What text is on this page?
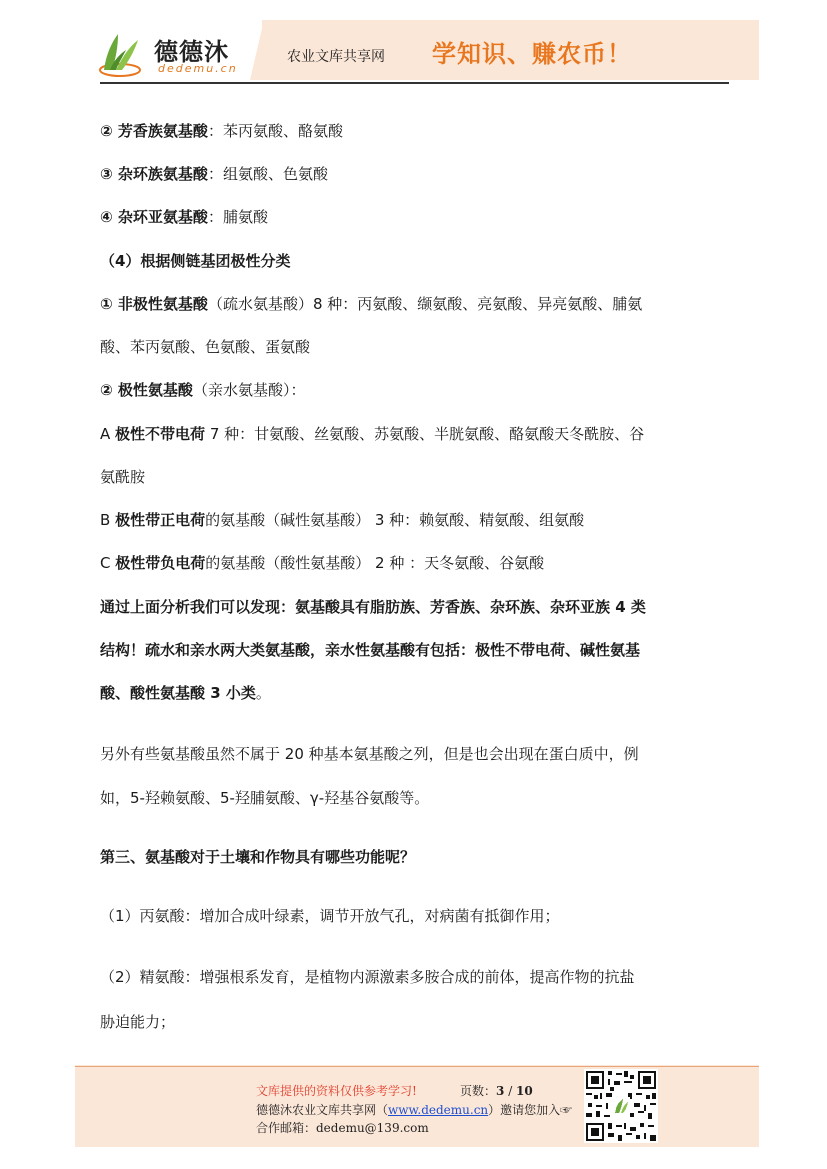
德德沐
dedemu.cn
农业文库共享网 学知识、赚农币！
② 芳香族氨基酸：苯丙氨酸、酪氨酸
③ 杂环族氨基酸：组氨酸、色氨酸
④ 杂环亚氨基酸：脯氨酸
（4）根据侧链基团极性分类
① 非极性氨基酸（疏水氨基酸）8 种：丙氨酸、缬氨酸、亮氨酸、异亮氨酸、脯氨
酸、苯丙氨酸、色氨酸、蛋氨酸
② 极性氨基酸（亲水氨基酸）：
A 极性不带电荷 7 种：甘氨酸、丝氨酸、苏氨酸、半胱氨酸、酪氨酸天冬酰胺、谷
氨酰胺
B 极性带正电荷的氨基酸（碱性氨基酸） 3 种：赖氨酸、精氨酸、组氨酸
C 极性带负电荷的氨基酸（酸性氨基酸） 2 种 ：天冬氨酸、谷氨酸
通过上面分析我们可以发现：氨基酸具有脂肪族、芳香族、杂环族、杂环亚族 4 类
结构！疏水和亲水两大类氨基酸，亲水性氨基酸有包括：极性不带电荷、碱性氨基
酸、酸性氨基酸 3 小类。
另外有些氨基酸虽然不属于 20 种基本氨基酸之列，但是也会出现在蛋白质中，例
如，5-羟赖氨酸、5-羟脯氨酸、γ-羟基谷氨酸等。
第三、氨基酸对于土壤和作物具有哪些功能呢？
（1）丙氨酸：增加合成叶绿素，调节开放气孔，对病菌有抵御作用；
（2）精氨酸：增强根系发育，是植物内源激素多胺合成的前体，提高作物的抗盐
胁迫能力；
文库提供的资料仅供参考学习!	页数：3 / 10
德德沐农业文库共享网（www.dedemu.cn）邀请您加入☞
合作邮箱：dedemu@139.com
